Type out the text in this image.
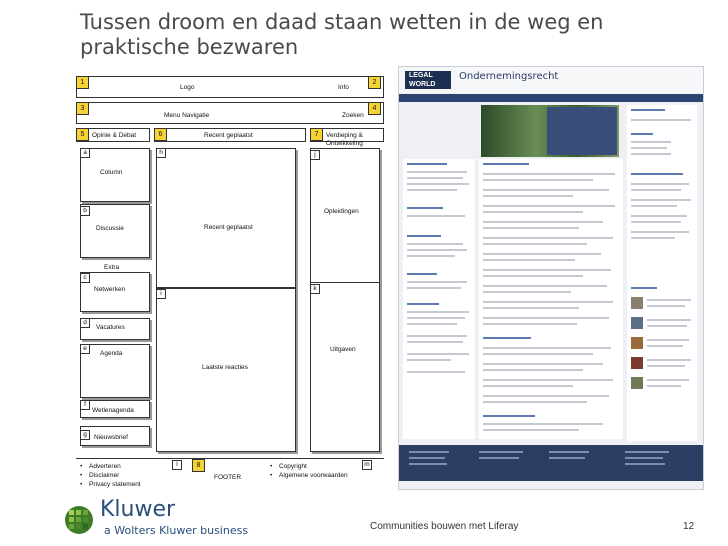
Tussen droom en daad staan wetten in de weg en praktische bezwaren
1
Logo	Info
2
3
Menu Navigatie	Zoeken
4
5	Opinie & Debat	6	Recent geplaatst	7	Verdieping & Ontwikkeling
a
Column
b
Discussie
Extra
c
Netwerken
d
Vacatures
e
Agenda
f
Wetlenagenda
g	Nieuwsbrief
h
Recent geplaatst
i
Laatste reacties
j
Opleidingen
k
Uitgaven
• Adverteren
• Disclaimer
• Privacy statement
l	8
FOOTER
• Copyright
• Algemene voorwaarden
m
LEGAL WORLD
Ondernemingsrecht
Kluwer
a Wolters Kluwer business	Communities bouwen met Liferay	12
